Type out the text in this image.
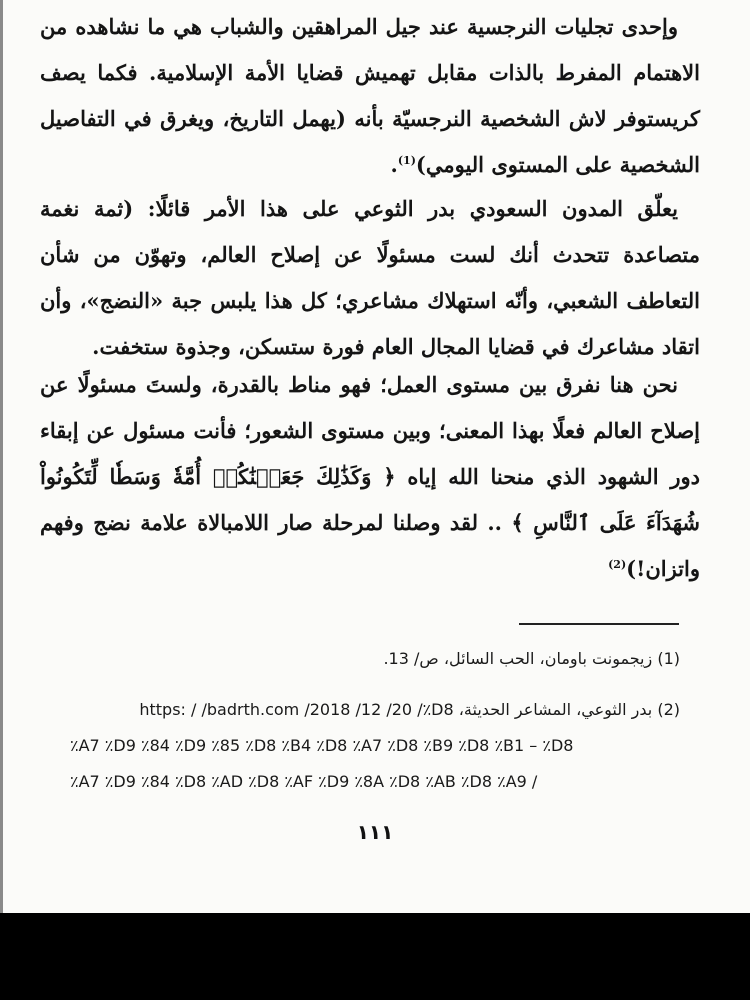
وإحدى تجليات النرجسية عند جيل المراهقين والشباب هي ما نشاهده من الاهتمام المفرط بالذات مقابل تهميش قضايا الأمة الإسلامية. فكما يصف كريستوفر لاش الشخصية النرجسيّة بأنه (يهمل التاريخ، ويغرق في التفاصيل الشخصية على المستوى اليومي)$^{(1)}$.

يعلّق المدون السعودي بدر الثوعي على هذا الأمر قائلًا: (ثمة نغمة متصاعدة تتحدث أنك لست مسئولًا عن إصلاح العالم، وتهوّن من شأن التعاطف الشعبي، وأنّه استهلاك مشاعري؛ كل هذا يلبس جبة «النضج»، وأن اتقاد مشاعرك في قضايا المجال العام فورة ستسكن، وجذوة ستخفت.

نحن هنا نفرق بين مستوى العمل؛ فهو مناط بالقدرة، ولستَ مسئولًا عن إصلاح العالم فعلًا بهذا المعنى؛ وبين مستوى الشعور؛ فأنت مسئول عن إبقاء دور الشهود الذي منحنا الله إياه ﴿ وَكَذَٰلِكَ جَعَلۡنَٰكُمۡ أُمَّةٗ وَسَطٗا لِّتَكُونُواْ شُهَدَآءَ عَلَى ٱلنَّاسِ ﴾ .. لقد وصلنا لمرحلة صار اللامبالاة علامة نضج وفهم واتزان!)$^{(2)}$

(1) زيجمونت باومان، الحب السائل، ص/ 13.
(2) بدر الثوعي، المشاعر الحديثة، https: / /badrth.com /2018 /12 /20 /٪D8
٪A7 ٪D9 ٪84 ٪D9 ٪85 ٪D8 ٪B4 ٪D8 ٪A7 ٪D8 ٪B9 ٪D8 ٪B1 – ٪D8
٪A7 ٪D9 ٪84 ٪D8 ٪AD ٪D8 ٪AF ٪D9 ٪8A ٪D8 ٪AB ٪D8 ٪A9 /
١١١
